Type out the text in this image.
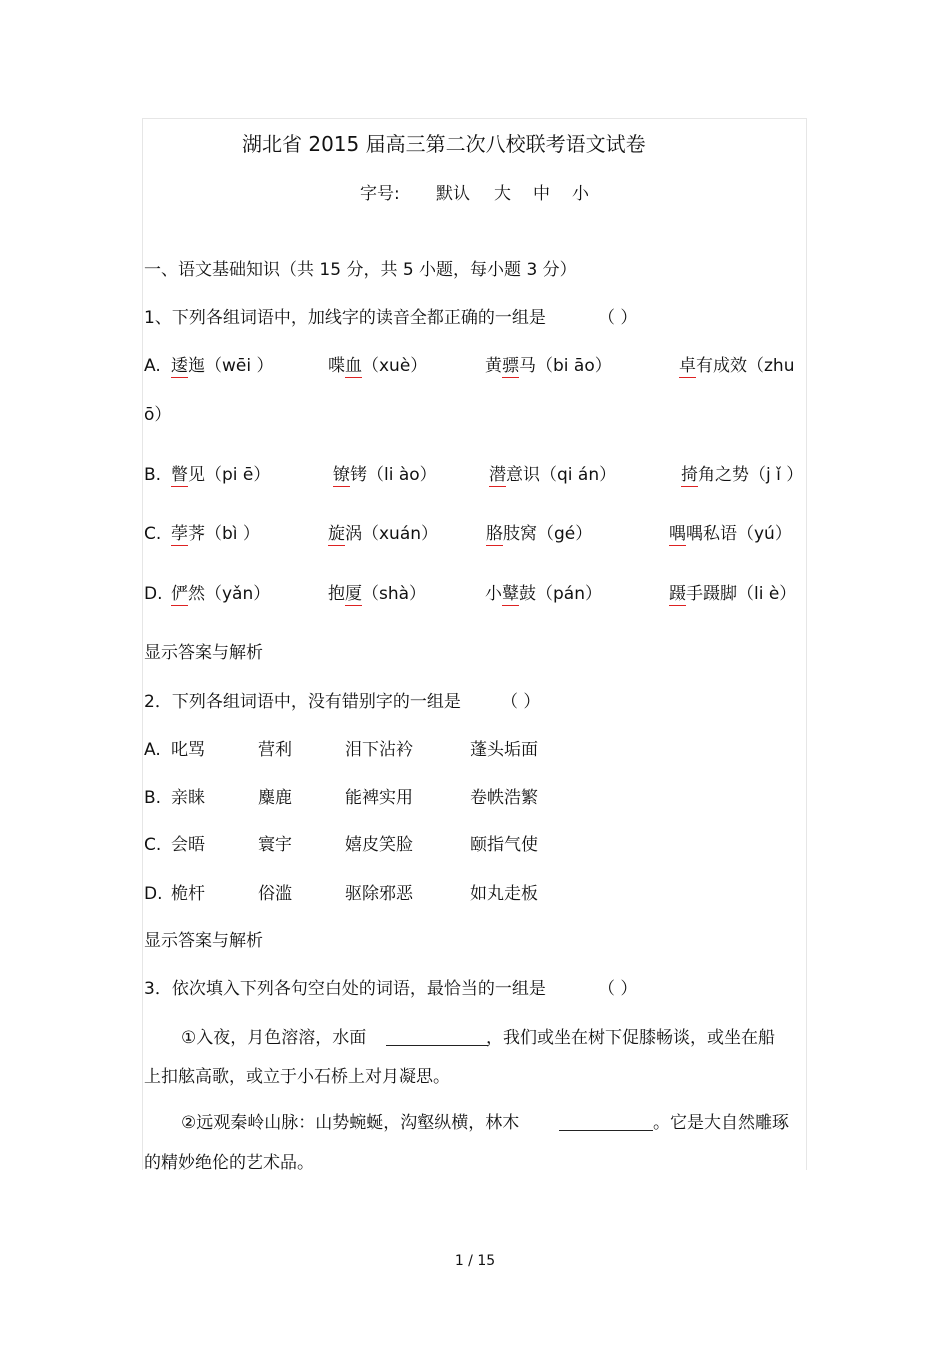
湖北省 2015 届高三第二次八校联考语文试卷
字号: 默认 大 中 小
一、语文基础知识（共 15 分，共 5 小题，每小题 3 分）
1、下列各组词语中，加线字的读音全都正确的一组是	（ ）
A. 逶迤（wēi ）	喋血（xuè）	黄骠马（bi āo）	卓有成效（zhu
ō）
B. 瞥见（pi ē）	镣铐（li ào）	潜意识（qi án）	掎角之势（j ǐ ）
C. 荸荠（bì ）	旋涡（xuán）	胳肢窝（gé）	喁喁私语（yú）
D. 俨然（yǎn）	抱厦（shà）	小鼙鼓（pán）	蹑手蹑脚（li è）
显示答案与解析
2．下列各组词语中，没有错别字的一组是 （ ）
A. 叱骂	营利	泪下沾衿	蓬头垢面
B. 亲睐	麋鹿	能裨实用	卷帙浩繁
C. 会晤	寰宇	嬉皮笑脸	颐指气使
D. 桅杆	俗滥	驱除邪恶	如丸走板
显示答案与解析
3．依次填入下列各句空白处的词语，最恰当的一组是	（ ）
①入夜，月色溶溶，水面	，我们或坐在树下促膝畅谈，或坐在船
上扣舷高歌，或立于小石桥上对月凝思。
②远观秦岭山脉：山势蜿蜒，沟壑纵横，林木	。它是大自然雕琢
的精妙绝伦的艺术品。
1 / 15
